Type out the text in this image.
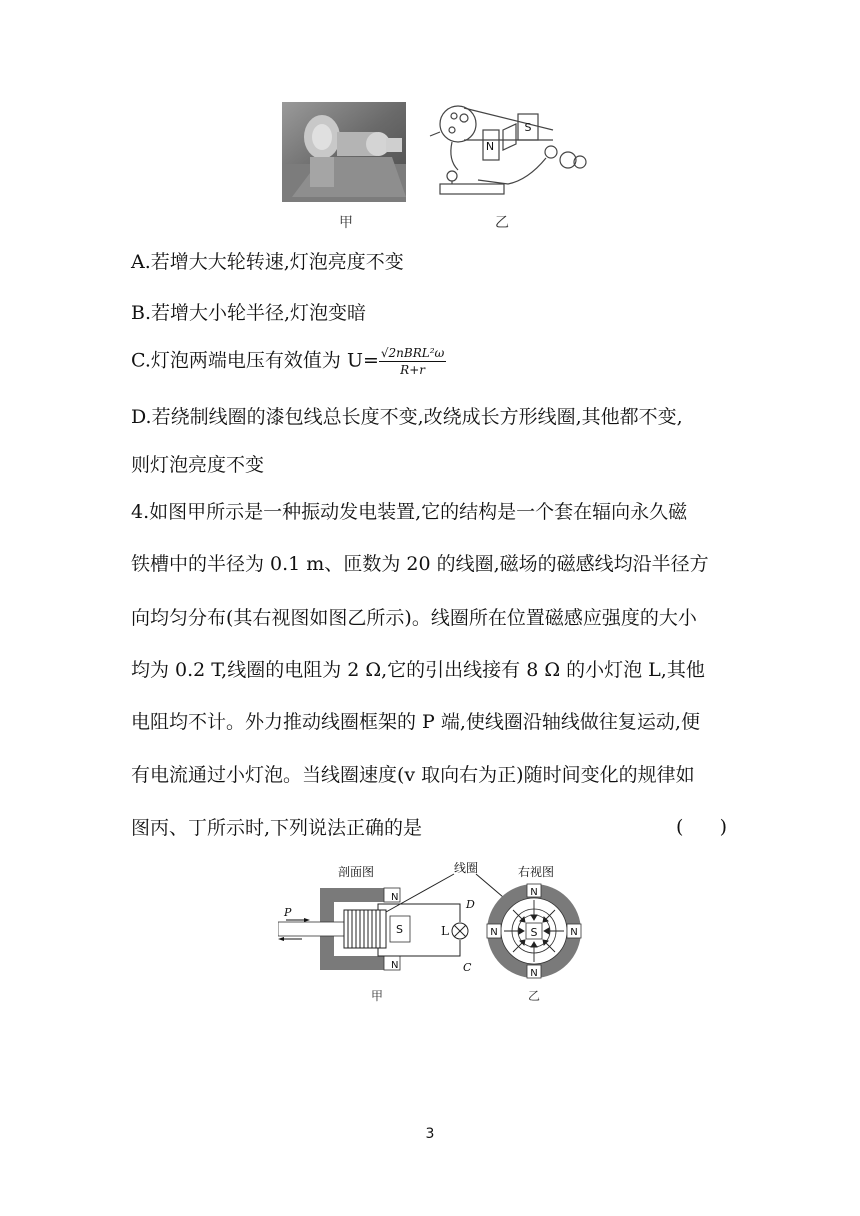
N
S
甲	乙
A.若增大大轮转速,灯泡亮度不变
B.若增大小轮半径,灯泡变暗
C.灯泡两端电压有效值为 $U= \frac{\text{√2nBRL²ω}}{R+r}$
D.若绕制线圈的漆包线总长度不变,改绕成长方形线圈,其他都不变,
则灯泡亮度不变
4.如图甲所示是一种振动发电装置,它的结构是一个套在辐向永久磁
铁槽中的半径为 0.1 m、匝数为 20 的线圈,磁场的磁感线均沿半径方
向均匀分布(其右视图如图乙所示)。线圈所在位置磁感应强度的大小
均为 0.2 T,线圈的电阻为 2 Ω,它的引出线接有 8 Ω 的小灯泡 L,其他
电阻均不计。外力推动线圈框架的 P 端,使线圈沿轴线做往复运动,便
有电流通过小灯泡。当线圈速度(v 取向右为正)随时间变化的规律如
图丙、丁所示时,下列说法正确的是	(      )
剖面图	线圈	右视图
N
N
S
P
L
D
C
S
N
N
N	N
甲	乙
3
